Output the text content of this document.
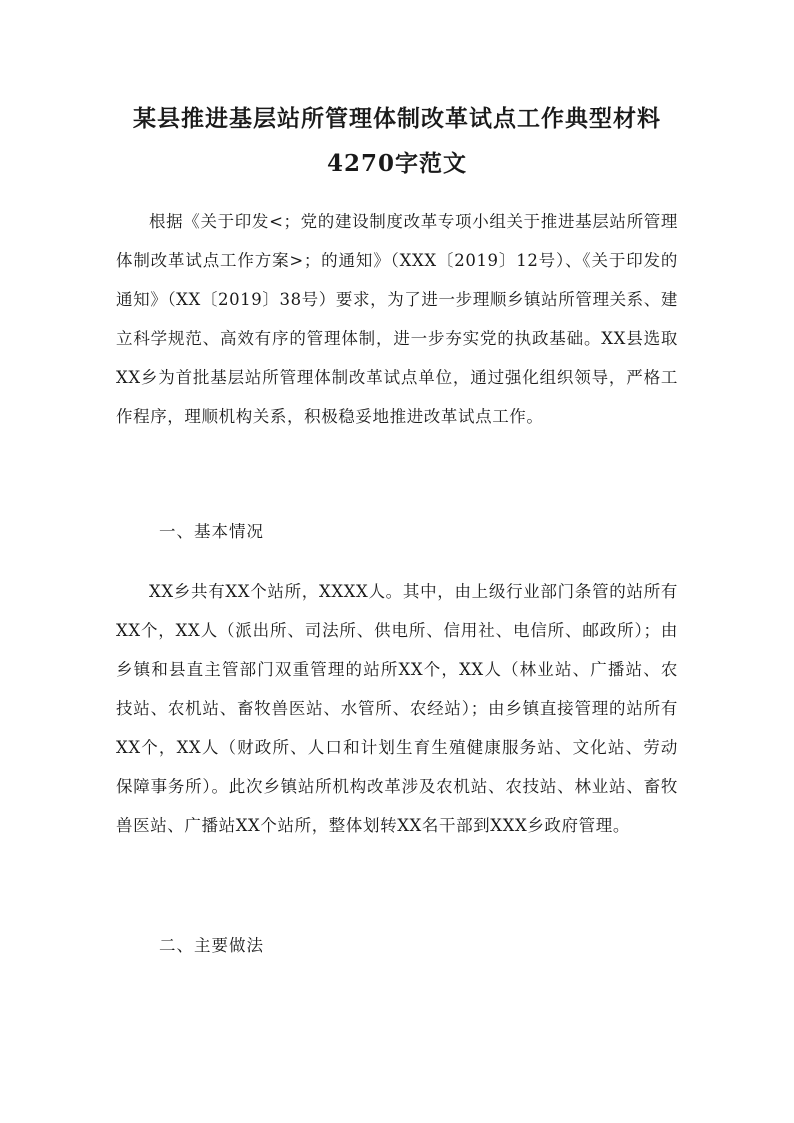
某县推进基层站所管理体制改革试点工作典型材料
4270字范文

根据《关于印发<；党的建设制度改革专项小组关于推进基层站所管理体制改革试点工作方案>；的通知》（XXX〔2019〕12号）、《关于印发的通知》（XX〔2019〕38号）要求，为了进一步理顺乡镇站所管理关系、建立科学规范、高效有序的管理体制，进一步夯实党的执政基础。XX县选取XX乡为首批基层站所管理体制改革试点单位，通过强化组织领导，严格工作程序，理顺机构关系，积极稳妥地推进改革试点工作。

一、基本情况

XX乡共有XX个站所，XXXX人。其中，由上级行业部门条管的站所有XX个，XX人（派出所、司法所、供电所、信用社、电信所、邮政所）；由乡镇和县直主管部门双重管理的站所XX个，XX人（林业站、广播站、农技站、农机站、畜牧兽医站、水管所、农经站）；由乡镇直接管理的站所有XX个，XX人（财政所、人口和计划生育生殖健康服务站、文化站、劳动保障事务所）。此次乡镇站所机构改革涉及农机站、农技站、林业站、畜牧兽医站、广播站XX个站所，整体划转XX名干部到XXX乡政府管理。

二、主要做法
